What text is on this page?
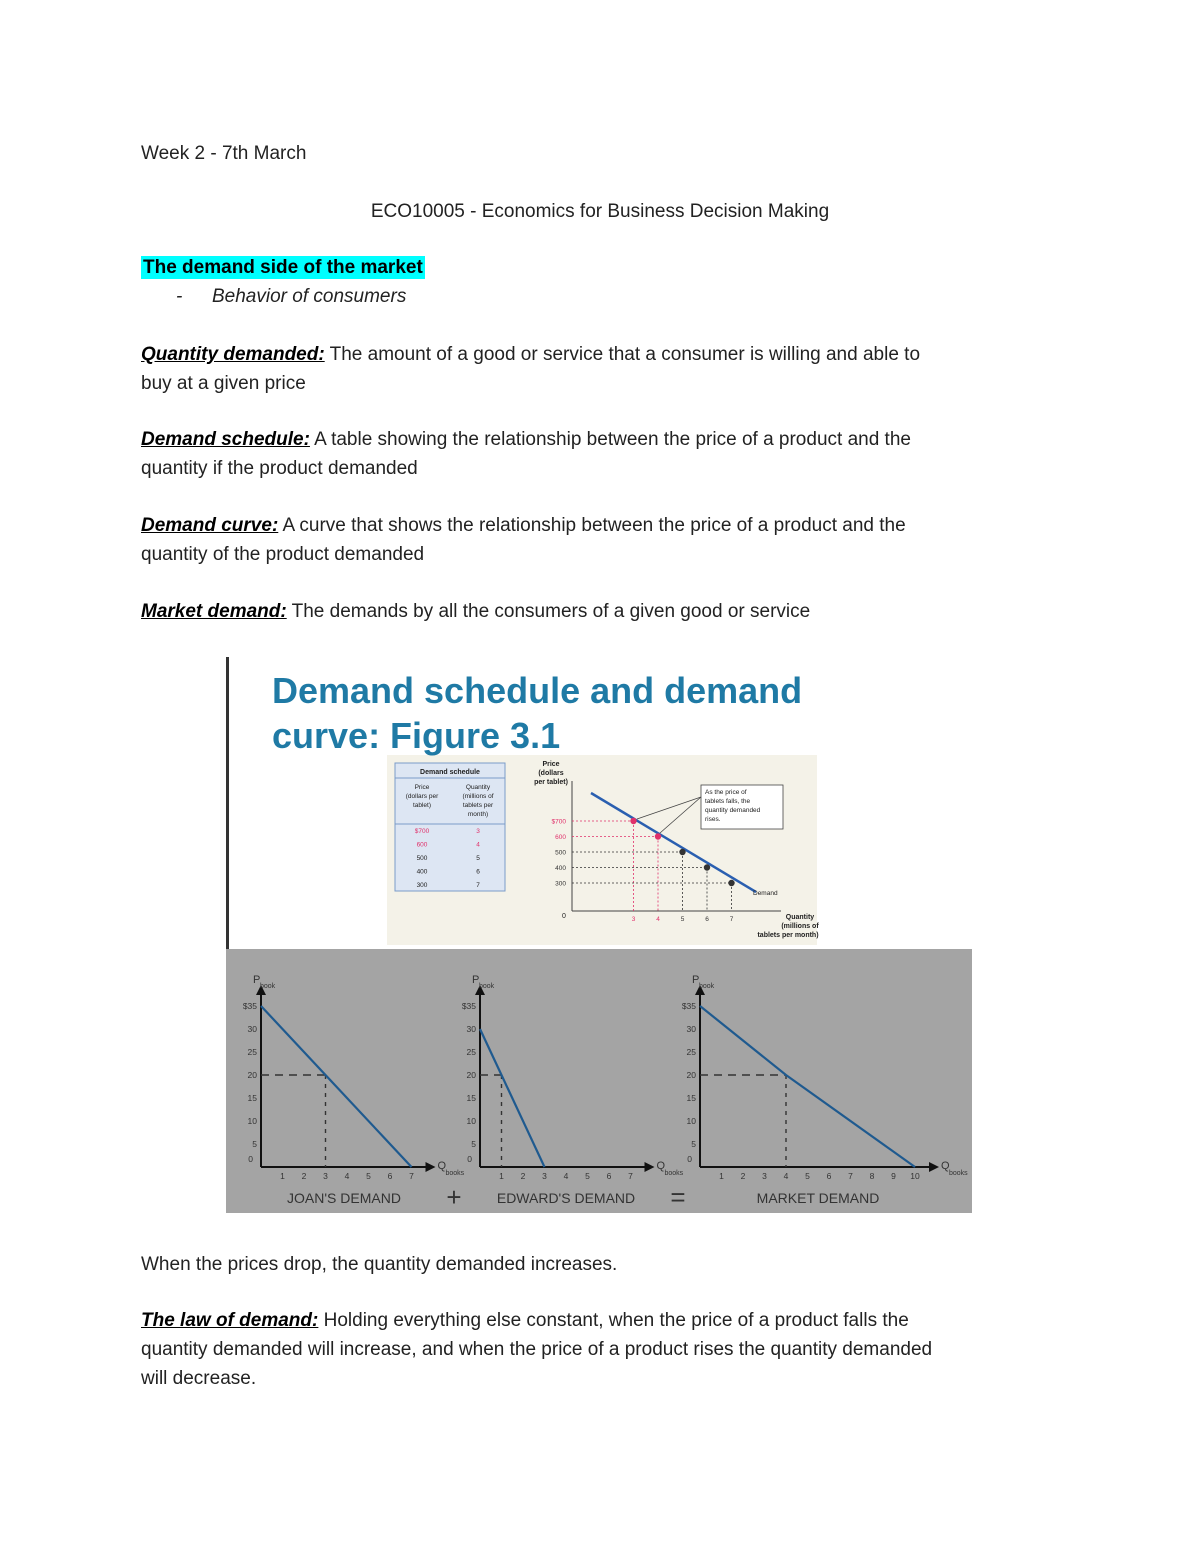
Week 2 - 7th March
ECO10005 - Economics for Business Decision Making
The demand side of the market
- Behavior of consumers
Quantity demanded: The amount of a good or service that a consumer is willing and able to
buy at a given price
Demand schedule: A table showing the relationship between the price of a product and the
quantity if the product demanded
Demand curve: A curve that shows the relationship between the price of a product and the
quantity of the product demanded
Market demand: The demands by all the consumers of a given good or service
Demand schedule
Price
(dollars per
tablet)
Quantity
(millions of
tablets per
month)
$700	3
600	4
500	5
400	6
300	7
Price
(dollars
per tablet)
0
$700
3
600
4
500
5
400
6
300
7
Demand
As the price of
tablets falls, the
quantity demanded
rises.
Quantity
(millions of
tablets per month)
P
book
Q
books
$35
30
25
20
15
10
5
0
1 2 3 4 5 6 7
JOAN'S DEMAND
P
book
Q
books
$35
30
25
20
15
10
5
0
1 2 3 4 5 6 7
EDWARD'S DEMAND
P
book
Q
books
$35
30
25
20
15
10
5
0
1 2 3 4 5 6 7 8 9 10
MARKET DEMAND
+	=
Demand schedule and demand
curve: Figure 3.1
When the prices drop, the quantity demanded increases.
The law of demand: Holding everything else constant, when the price of a product falls the
quantity demanded will increase, and when the price of a product rises the quantity demanded
will decrease.
